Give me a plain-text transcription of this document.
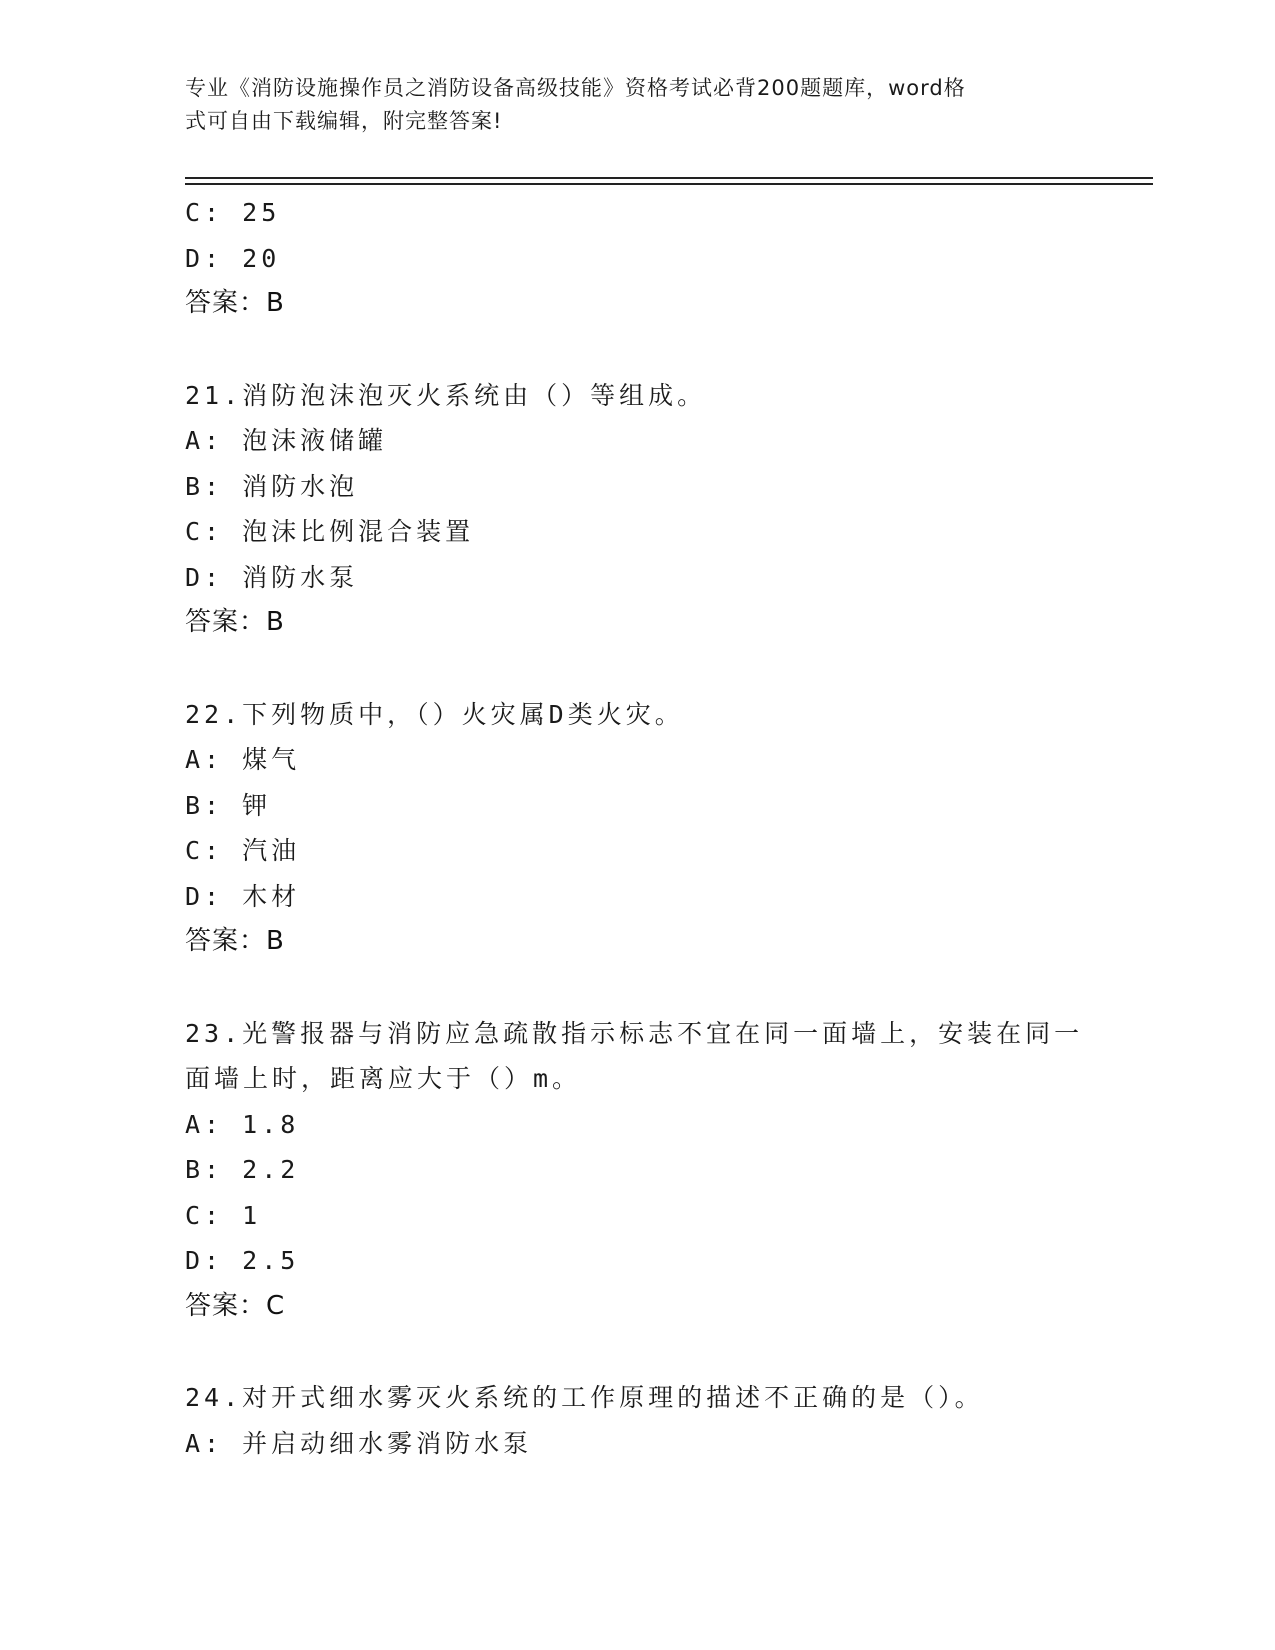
专业《消防设施操作员之消防设备高级技能》资格考试必背200题题库，word格
式可自由下载编辑，附完整答案!
C: 25
D: 20
答案：B
21.消防泡沫泡灭火系统由（）等组成。
A: 泡沫液储罐
B: 消防水泡
C: 泡沫比例混合装置
D: 消防水泵
答案：B
22.下列物质中，（）火灾属D类火灾。
A: 煤气
B: 钾
C: 汽油
D: 木材
答案：B
23.光警报器与消防应急疏散指示标志不宜在同一面墙上，安装在同一
面墙上时，距离应大于（）m。
A: 1.8
B: 2.2
C: 1
D: 2.5
答案：C
24.对开式细水雾灭火系统的工作原理的描述不正确的是（）。
A: 并启动细水雾消防水泵
